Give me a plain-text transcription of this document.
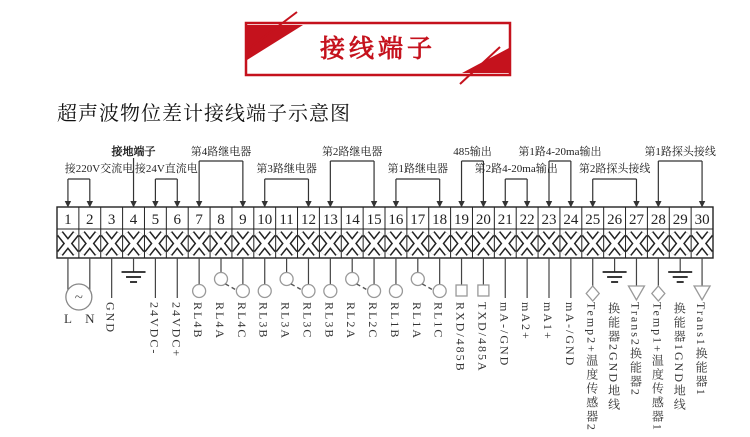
接线端子
超声波物位差计接线端子示意图
1 2 3 4 5 6 7 8 9 10 11 12 13 14 15 16 17 18 19 20 21 22 23 24 25 26 27 28 29 30
~
L	N GND 24VDC- 24VDC+ RL4B RL4A RL4C RL3B RL3A RL3C RL3B RL2A RL2C RL1B RL1A RL1C RXD/485B TXD/485A mA-/GND mA2+ mA1+ mA-/GND Temp2+温度传感器2 换能器2GND地线 Trans2换能器2 Temp1+温度传感器1 换能器1GND地线 Trans1换能器1
接220V交流电
接地端子
接24V直流电
第4路继电器
第3路继电器
第2路继电器
第1路继电器
485输出
第2路4-20ma输出
第1路4-20ma输出
第2路探头接线
第1路探头接线
